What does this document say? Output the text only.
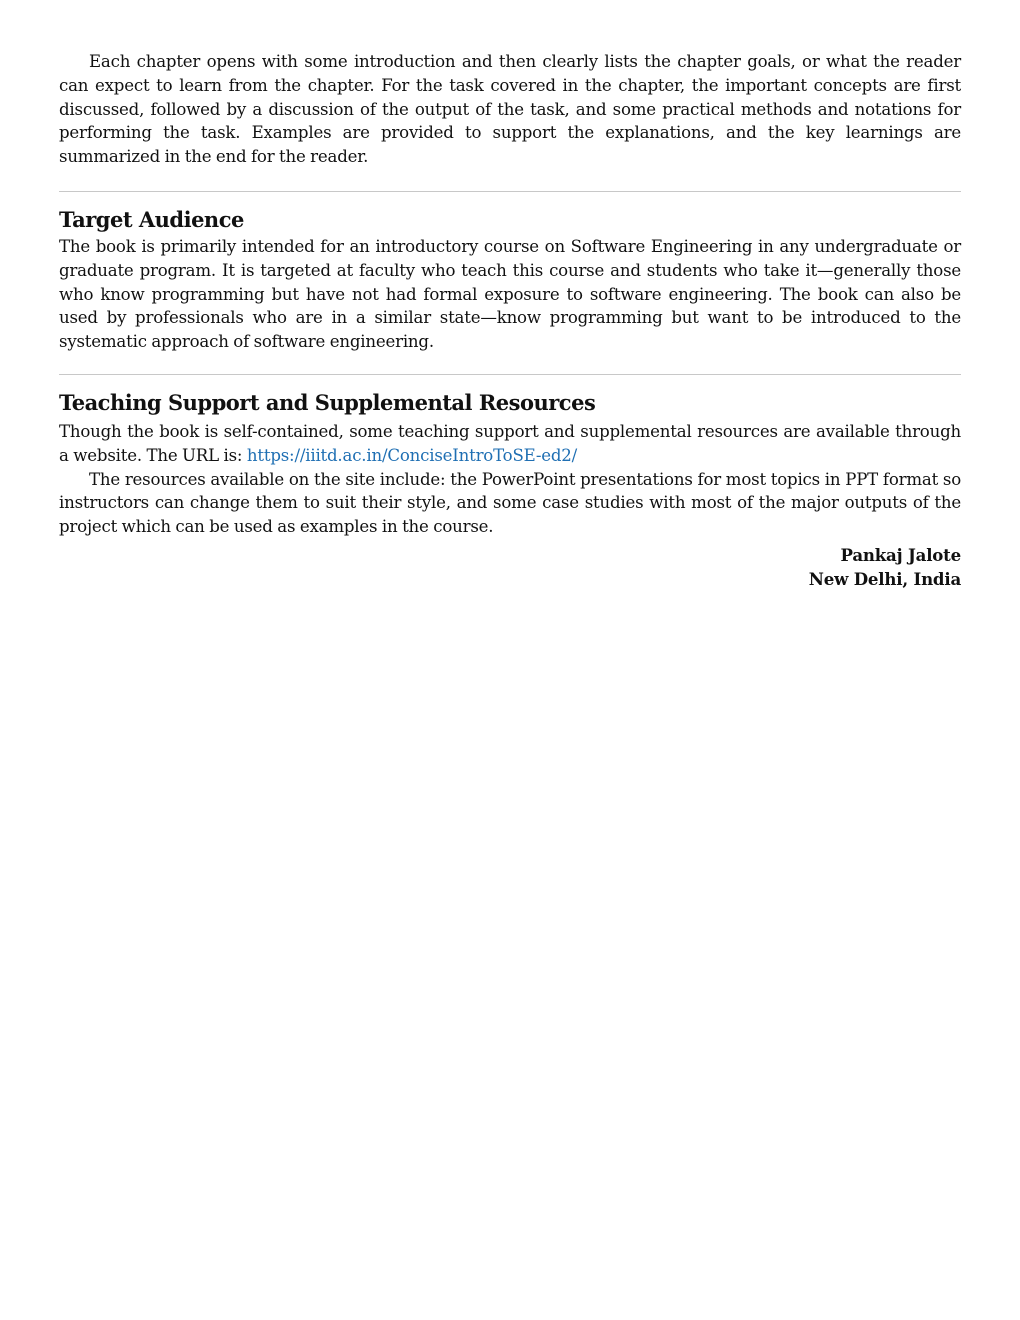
Each chapter opens with some introduction and then clearly lists the chapter goals, or what the reader can expect to learn from the chapter. For the task covered in the chapter, the important concepts are first discussed, followed by a discussion of the output of the task, and some practical methods and notations for performing the task. Examples are provided to support the explanations, and the key learnings are summarized in the end for the reader.

Target Audience

The book is primarily intended for an introductory course on Software Engineering in any undergraduate or graduate program. It is targeted at faculty who teach this course and students who take it—generally those who know programming but have not had formal exposure to software engineering. The book can also be used by professionals who are in a similar state—know programming but want to be introduced to the systematic approach of software engineering.

Teaching Support and Supplemental Resources

Though the book is self-contained, some teaching support and supplemental resources are available through a website. The URL is: https://iiitd.ac.in/ConciseIntroToSE-ed2/

The resources available on the site include: the PowerPoint presentations for most topics in PPT format so instructors can change them to suit their style, and some case studies with most of the major outputs of the project which can be used as examples in the course.

Pankaj Jalote
New Delhi, India
